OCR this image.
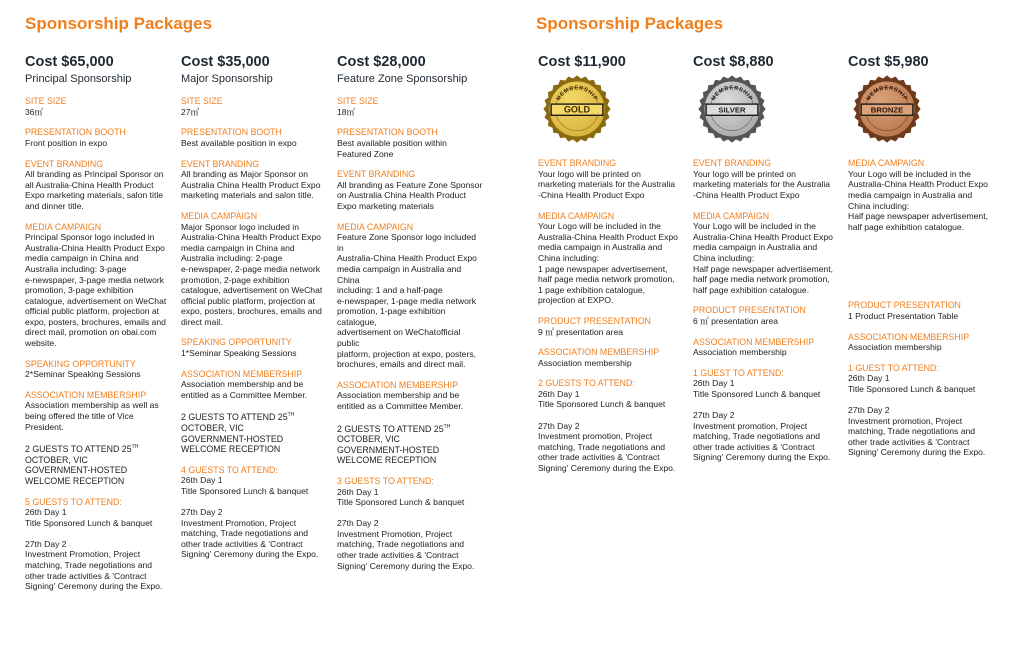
Sponsorship Packages	Sponsorship Packages
Cost $65,000
Principal Sponsorship
SITE SIZE
36㎡
PRESENTATION BOOTH
Front position in expo
EVENT BRANDING
All branding as Principal Sponsor on
all Australia-China Health Product
Expo marketing materials, salon title
and dinner title.
MEDIA CAMPAIGN
Principal Sponsor logo included in
Australia-China Health Product Expo
media campaign in China and
Australia including: 3-page
e-newspaper, 3-page media network
promotion, 3-page exhibition
catalogue, advertisement on WeChat
official public platform, projection at
expo, posters, brochures, emails and
direct mail, promotion on obai.com
website.
SPEAKING OPPORTUNITY
2*Seminar Speaking Sessions
ASSOCIATION MEMBERSHIP
Association membership as well as
being offered the title of Vice President.
2 GUESTS TO ATTEND 25TH
OCTOBER, VIC
GOVERNMENT-HOSTED
WELCOME RECEPTION
5 GUESTS TO ATTEND:
26th Day 1
Title Sponsored Lunch & banquet

27th Day 2
Investment Promotion, Project
matching, Trade negotiations and
other trade activities & 'Contract
Signing' Ceremony during the Expo.
Cost $35,000
Major Sponsorship
SITE SIZE
27㎡
PRESENTATION BOOTH
Best available position in expo
EVENT BRANDING
All branding as Major Sponsor on
Australia China Health Product Expo
marketing materials and salon title.
MEDIA CAMPAIGN
Major Sponsor logo included in
Australia-China Health Product Expo
media campaign in China and
Australia including: 2-page
e-newspaper, 2-page media network
promotion, 2-page exhibition
catalogue, advertisement on WeChat
official public platform, projection at
expo, posters, brochures, emails and
direct mail.
SPEAKING OPPORTUNITY
1*Seminar Speaking Sessions
ASSOCIATION MEMBERSHIP
Association membership and be
entitled as a Committee Member.
2 GUESTS TO ATTEND 25TH
OCTOBER, VIC
GOVERNMENT-HOSTED
WELCOME RECEPTION
4 GUESTS TO ATTEND:
26th Day 1
Title Sponsored Lunch & banquet

27th Day 2
Investment Promotion, Project
matching, Trade negotiations and
other trade activities & 'Contract
Signing' Ceremony during the Expo.
Cost $28,000
Feature Zone Sponsorship
SITE SIZE
18㎡
PRESENTATION BOOTH
Best available position within
Featured Zone
EVENT BRANDING
All branding as Feature Zone Sponsor
on Australia China Health Product
Expo marketing materials
MEDIA CAMPAIGN
Feature Zone Sponsor logo included in
Australia-China Health Product Expo
media campaign in Australia and China
including: 1 and a half-page
e-newspaper, 1-page media network
promotion, 1-page exhibition catalogue,
advertisement on WeChatofficial public
platform, projection at expo, posters,
brochures, emails and direct mail.
ASSOCIATION MEMBERSHIP
Association membership and be
entitled as a Committee Member.
2 GUESTS TO ATTEND 25TH
OCTOBER, VIC
GOVERNMENT-HOSTED
WELCOME RECEPTION
3 GUESTS TO ATTEND:
26th Day 1
Title Sponsored Lunch & banquet

27th Day 2
Investment Promotion, Project
matching, Trade negotiations and
other trade activities & 'Contract
Signing' Ceremony during the Expo.
Cost $11,900
MEMBERSHIP
GOLD
EVENT BRANDING
Your logo will be printed on
marketing materials for the Australia
-China Health Product Expo
MEDIA CAMPAIGN
Your Logo will be included in the
Australia-China Health Product Expo
media campaign in Australia and
China including:
1 page newspaper advertisement,
half page media network promotion,
1 page exhibition catalogue,
projection at EXPO.
PRODUCT PRESENTATION
9 ㎡ presentation area
ASSOCIATION MEMBERSHIP
Association membership
2 GUESTS TO ATTEND:
26th Day 1
Title Sponsored Lunch & banquet

27th Day 2
Investment promotion, Project
matching, Trade negotiations and
other trade activities & 'Contract
Signing' Ceremony during the Expo.
Cost $8,880
MEMBERSHIP
SILVER
EVENT BRANDING
Your logo will be printed on
marketing materials for the Australia
-China Health Product Expo
MEDIA CAMPAIGN
Your Logo will be included in the
Australia-China Health Product Expo
media campaign in Australia and
China including:
Half page newspaper advertisement,
half page media network promotion,
half page exhibition catalogue.
PRODUCT PRESENTATION
6 ㎡ presentation area
ASSOCIATION MEMBERSHIP
Association membership
1 GUEST TO ATTEND:
26th Day 1
Title Sponsored Lunch & banquet

27th Day 2
Investment promotion, Project
matching, Trade negotiations and
other trade activities & 'Contract
Signing' Ceremony during the Expo.
Cost $5,980
MEMBERSHIP
BRONZE
MEDIA CAMPAIGN
Your Logo will be included in the
Australia-China Health Product Expo
media campaign in Australia and
China including:
Half page newspaper advertisement,
half page exhibition catalogue.
PRODUCT PRESENTATION
1 Product Presentation Table
ASSOCIATION MEMBERSHIP
Association membership
1 GUEST TO ATTEND:
26th Day 1
Title Sponsored Lunch & banquet

27th Day 2
Investment promotion, Project
matching, Trade negotiations and
other trade activities & 'Contract
Signing' Ceremony during the Expo.
